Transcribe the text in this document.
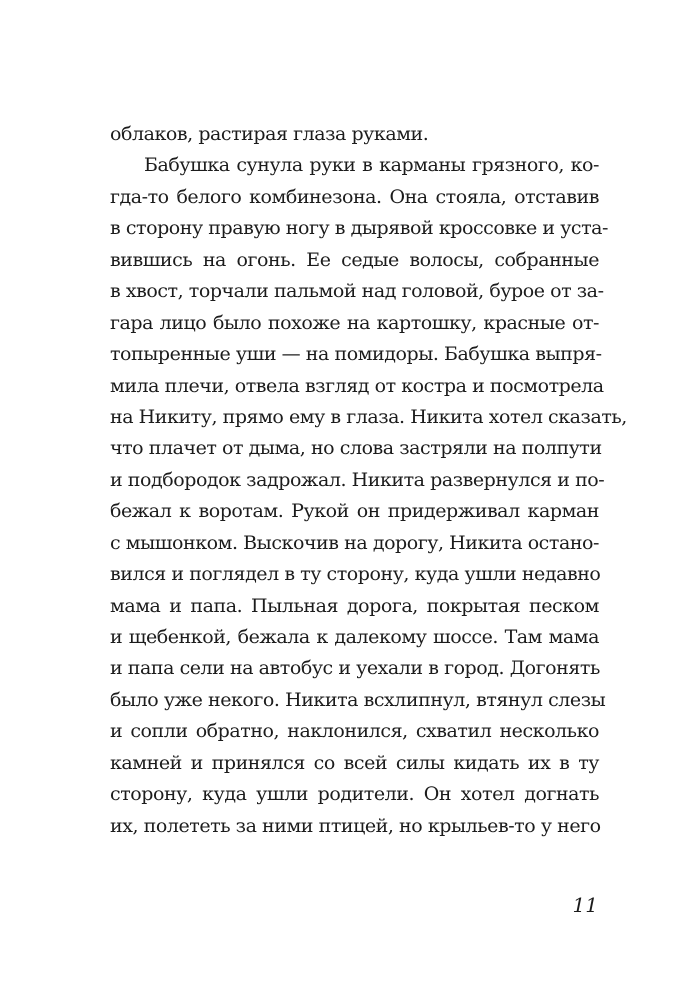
облаков, растирая глаза руками.
Бабушка сунула руки в карманы грязного, ко-
гда-то белого комбинезона. Она стояла, отставив
в сторону правую ногу в дырявой кроссовке и уста-
вившись на огонь. Ее седые волосы, собранные
в хвост, торчали пальмой над головой, бурое от за-
гара лицо было похоже на картошку, красные от-
топыренные уши — на помидоры. Бабушка выпря-
мила плечи, отвела взгляд от костра и посмотрела
на Никиту, прямо ему в глаза. Никита хотел сказать,
что плачет от дыма, но слова застряли на полпути
и подбородок задрожал. Никита развернулся и по-
бежал к воротам. Рукой он придерживал карман
с мышонком. Выскочив на дорогу, Никита остано-
вился и поглядел в ту сторону, куда ушли недавно
мама и папа. Пыльная дорога, покрытая песком
и щебенкой, бежала к далекому шоссе. Там мама
и папа сели на автобус и уехали в город. Догонять
было уже некого. Никита всхлипнул, втянул слезы
и сопли обратно, наклонился, схватил несколько
камней и принялся со всей силы кидать их в ту
сторону, куда ушли родители. Он хотел догнать
их, полететь за ними птицей, но крыльев-то у него
11
